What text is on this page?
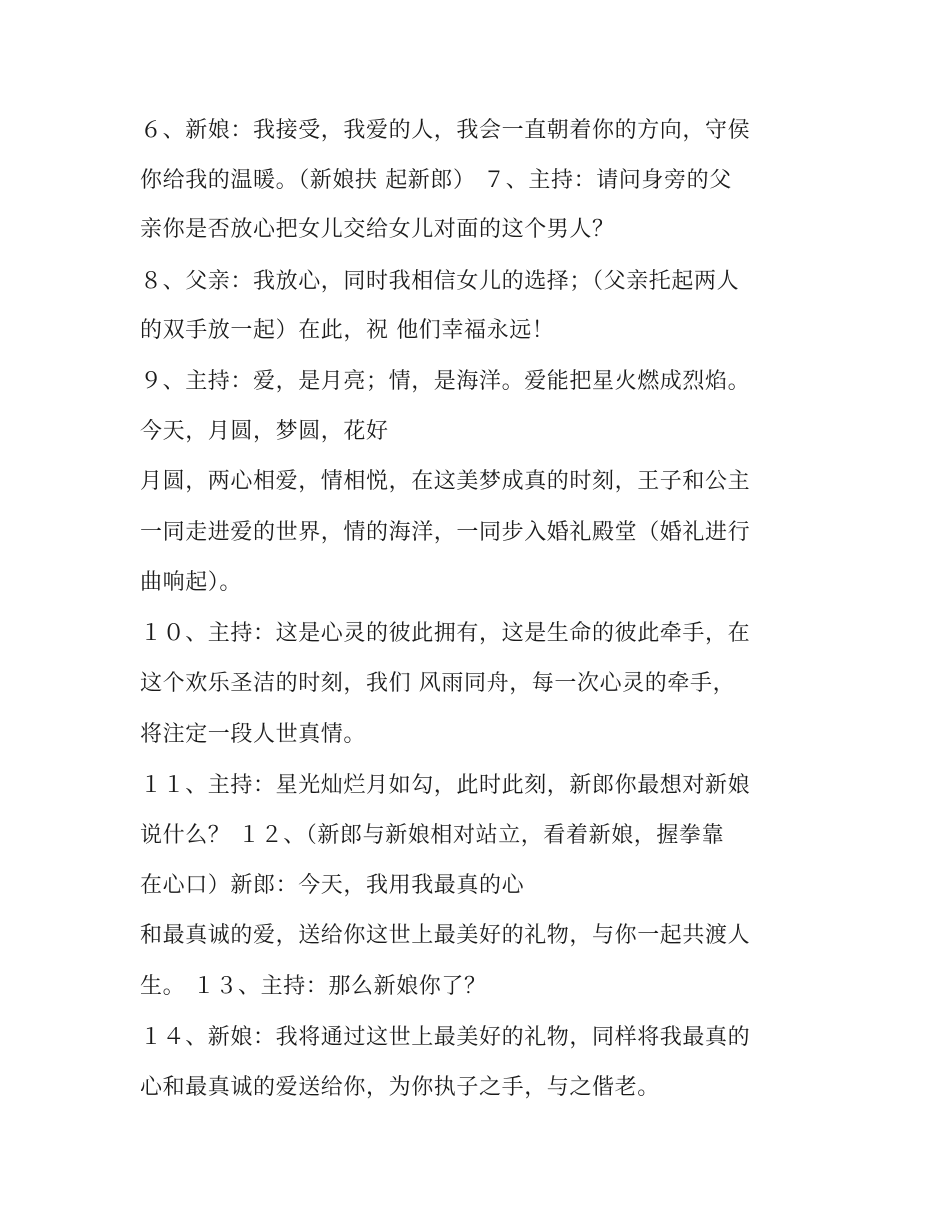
６、新娘：我接受，我爱的人，我会一直朝着你的方向，守侯
你给我的温暖。（新娘扶 起新郎） ７、主持：请问身旁的父
亲你是否放心把女儿交给女儿对面的这个男人？
８、父亲：我放心，同时我相信女儿的选择；（父亲托起两人
的双手放一起）在此，祝 他们幸福永远！
９、主持：爱，是月亮；情，是海洋。爱能把星火燃成烈焰。
今天，月圆，梦圆，花好
月圆，两心相爱，情相悦，在这美梦成真的时刻，王子和公主
一同走进爱的世界，情的海洋，一同步入婚礼殿堂（婚礼进行
曲响起）。
１０、主持：这是心灵的彼此拥有，这是生命的彼此牵手，在
这个欢乐圣洁的时刻，我们 风雨同舟，每一次心灵的牵手，
将注定一段人世真情。
１１、主持：星光灿烂月如勾，此时此刻，新郎你最想对新娘
说什么？ １２、（新郎与新娘相对站立，看着新娘，握拳靠
在心口）新郎：今天，我用我最真的心
和最真诚的爱，送给你这世上最美好的礼物，与你一起共渡人
生。 １３、主持：那么新娘你了？
１４、新娘：我将通过这世上最美好的礼物，同样将我最真的
心和最真诚的爱送给你，为你执子之手，与之偕老。
